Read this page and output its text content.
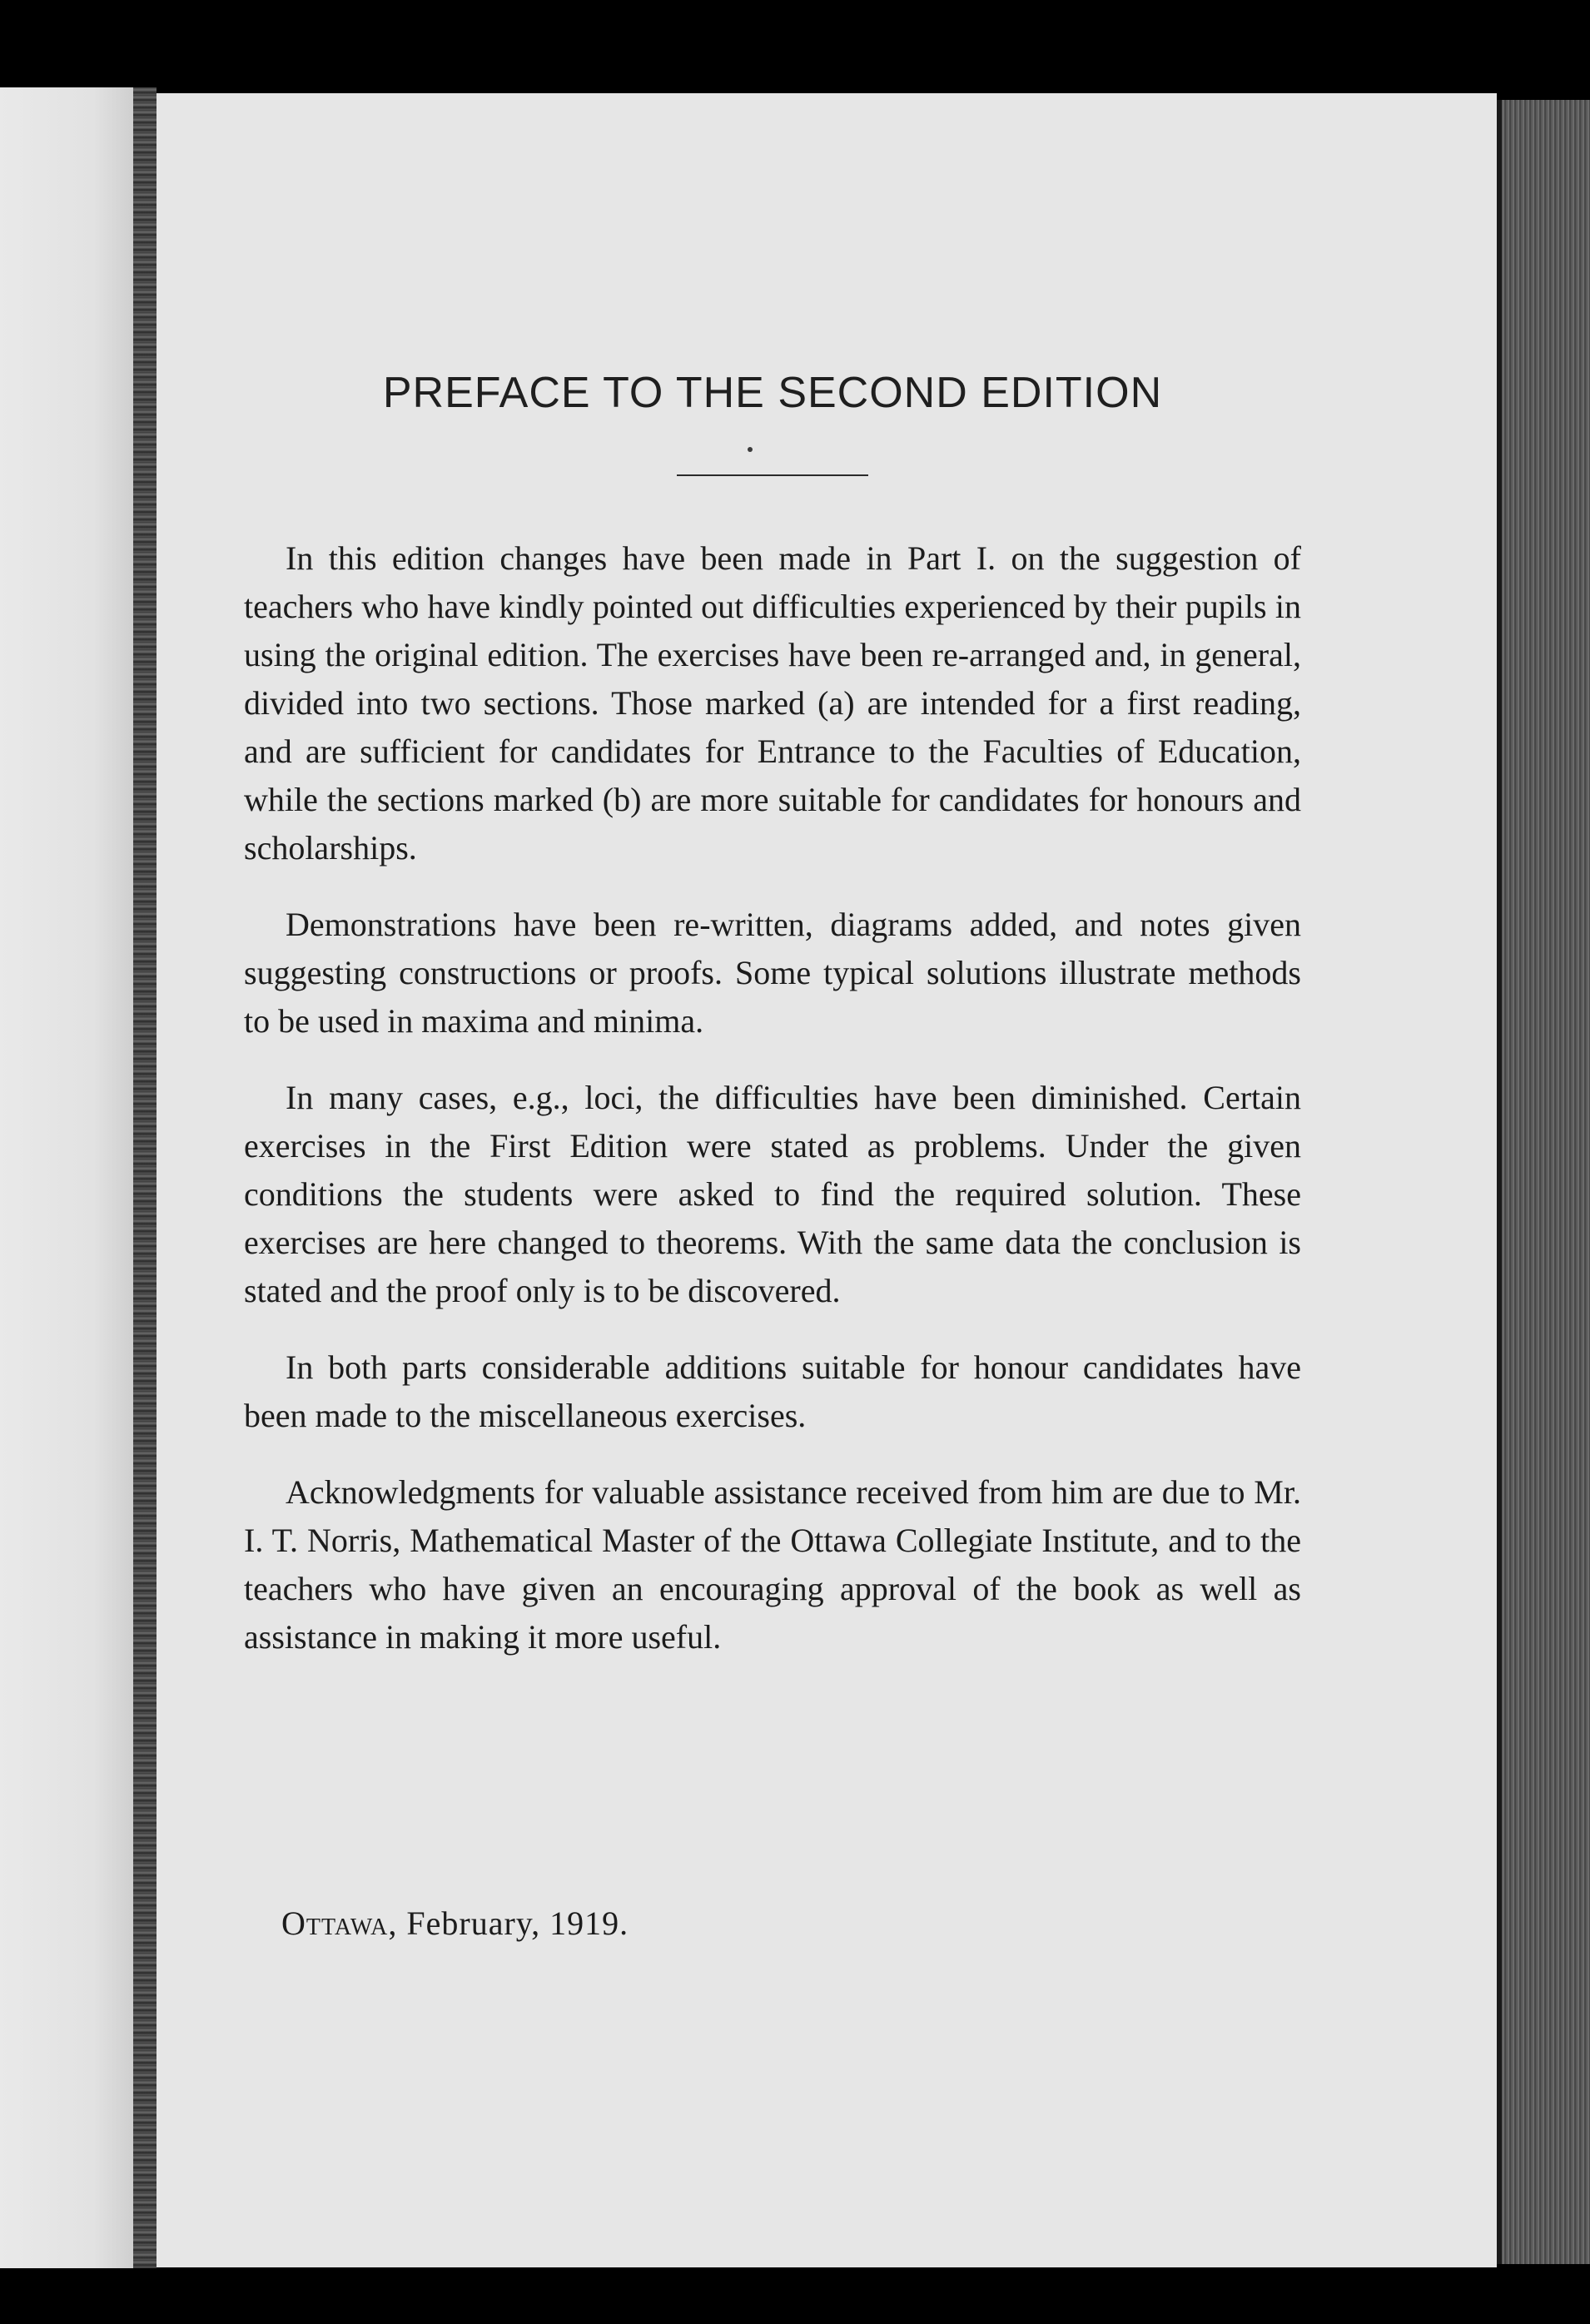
PREFACE TO THE SECOND EDITION

In this edition changes have been made in Part I. on the suggestion of teachers who have kindly pointed out difficulties experienced by their pupils in using the original edition. The exercises have been re-arranged and, in general, divided into two sections. Those marked (a) are intended for a first reading, and are sufficient for candidates for Entrance to the Faculties of Education, while the sections marked (b) are more suitable for candidates for honours and scholarships.

Demonstrations have been re-written, diagrams added, and notes given suggesting constructions or proofs. Some typical solutions illustrate methods to be used in maxima and minima.

In many cases, e.g., loci, the difficulties have been diminished. Certain exercises in the First Edition were stated as problems. Under the given conditions the students were asked to find the required solution. These exercises are here changed to theorems. With the same data the conclusion is stated and the proof only is to be discovered.

In both parts considerable additions suitable for honour candidates have been made to the miscellaneous exercises.

Acknowledgments for valuable assistance received from him are due to Mr. I. T. Norris, Mathematical Master of the Ottawa Collegiate Institute, and to the teachers who have given an encouraging approval of the book as well as assistance in making it more useful.

Ottawa, February, 1919.
